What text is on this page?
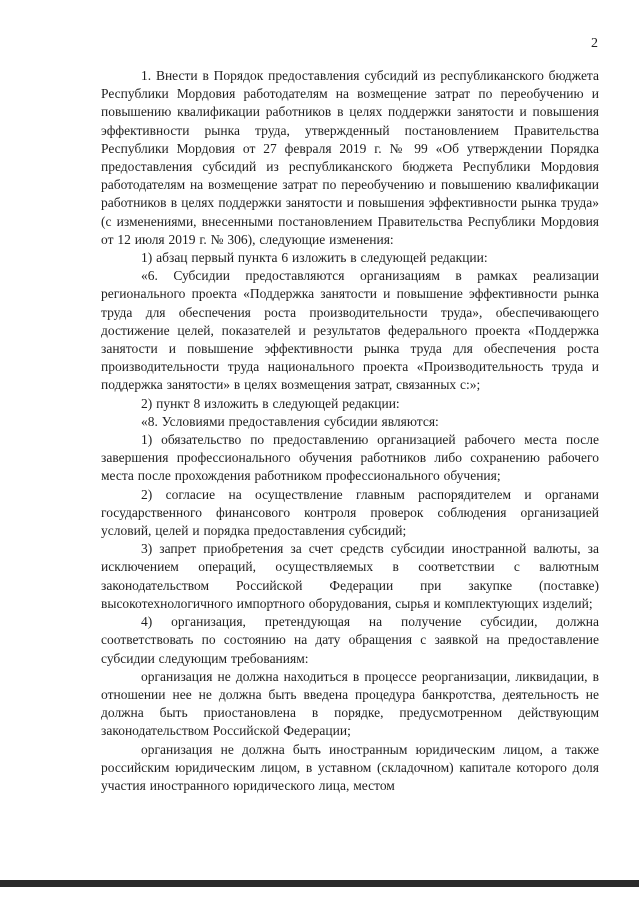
2

1. Внести в Порядок предоставления субсидий из республиканского бюджета Республики Мордовия работодателям на возмещение затрат по переобучению и повышению квалификации работников в целях поддержки занятости и повышения эффективности рынка труда, утвержденный постановлением Правительства Республики Мордовия от 27 февраля 2019 г. № 99 «Об утверждении Порядка предоставления субсидий из республиканского бюджета Республики Мордовия работодателям на возмещение затрат по переобучению и повышению квалификации работников в целях поддержки занятости и повышения эффективности рынка труда» (с изменениями, внесенными постановлением Правительства Республики Мордовия от 12 июля 2019 г. № 306), следующие изменения:

1) абзац первый пункта 6 изложить в следующей редакции:

«6. Субсидии предоставляются организациям в рамках реализации регионального проекта «Поддержка занятости и повышение эффективности рынка труда для обеспечения роста производительности труда», обеспечивающего достижение целей, показателей и результатов федерального проекта «Поддержка занятости и повышение эффективности рынка труда для обеспечения роста производительности труда национального проекта «Производительность труда и поддержка занятости» в целях возмещения затрат, связанных с:»;

2) пункт 8 изложить в следующей редакции:

«8. Условиями предоставления субсидии являются:

1) обязательство по предоставлению организацией рабочего места после завершения профессионального обучения работников либо сохранению рабочего места после прохождения работником профессионального обучения;

2) согласие на осуществление главным распорядителем и органами государственного финансового контроля проверок соблюдения организацией условий, целей и порядка предоставления субсидий;

3) запрет приобретения за счет средств субсидии иностранной валюты, за исключением операций, осуществляемых в соответствии с валютным законодательством Российской Федерации при закупке (поставке) высокотехнологичного импортного оборудования, сырья и комплектующих изделий;

4) организация, претендующая на получение субсидии, должна соответствовать по состоянию на дату обращения с заявкой на предоставление субсидии следующим требованиям:

организация не должна находиться в процессе реорганизации, ликвидации, в отношении нее не должна быть введена процедура банкротства, деятельность не должна быть приостановлена в порядке, предусмотренном действующим законодательством Российской Федерации;

организация не должна быть иностранным юридическим лицом, а также российским юридическим лицом, в уставном (складочном) капитале которого доля участия иностранного юридического лица, местом
